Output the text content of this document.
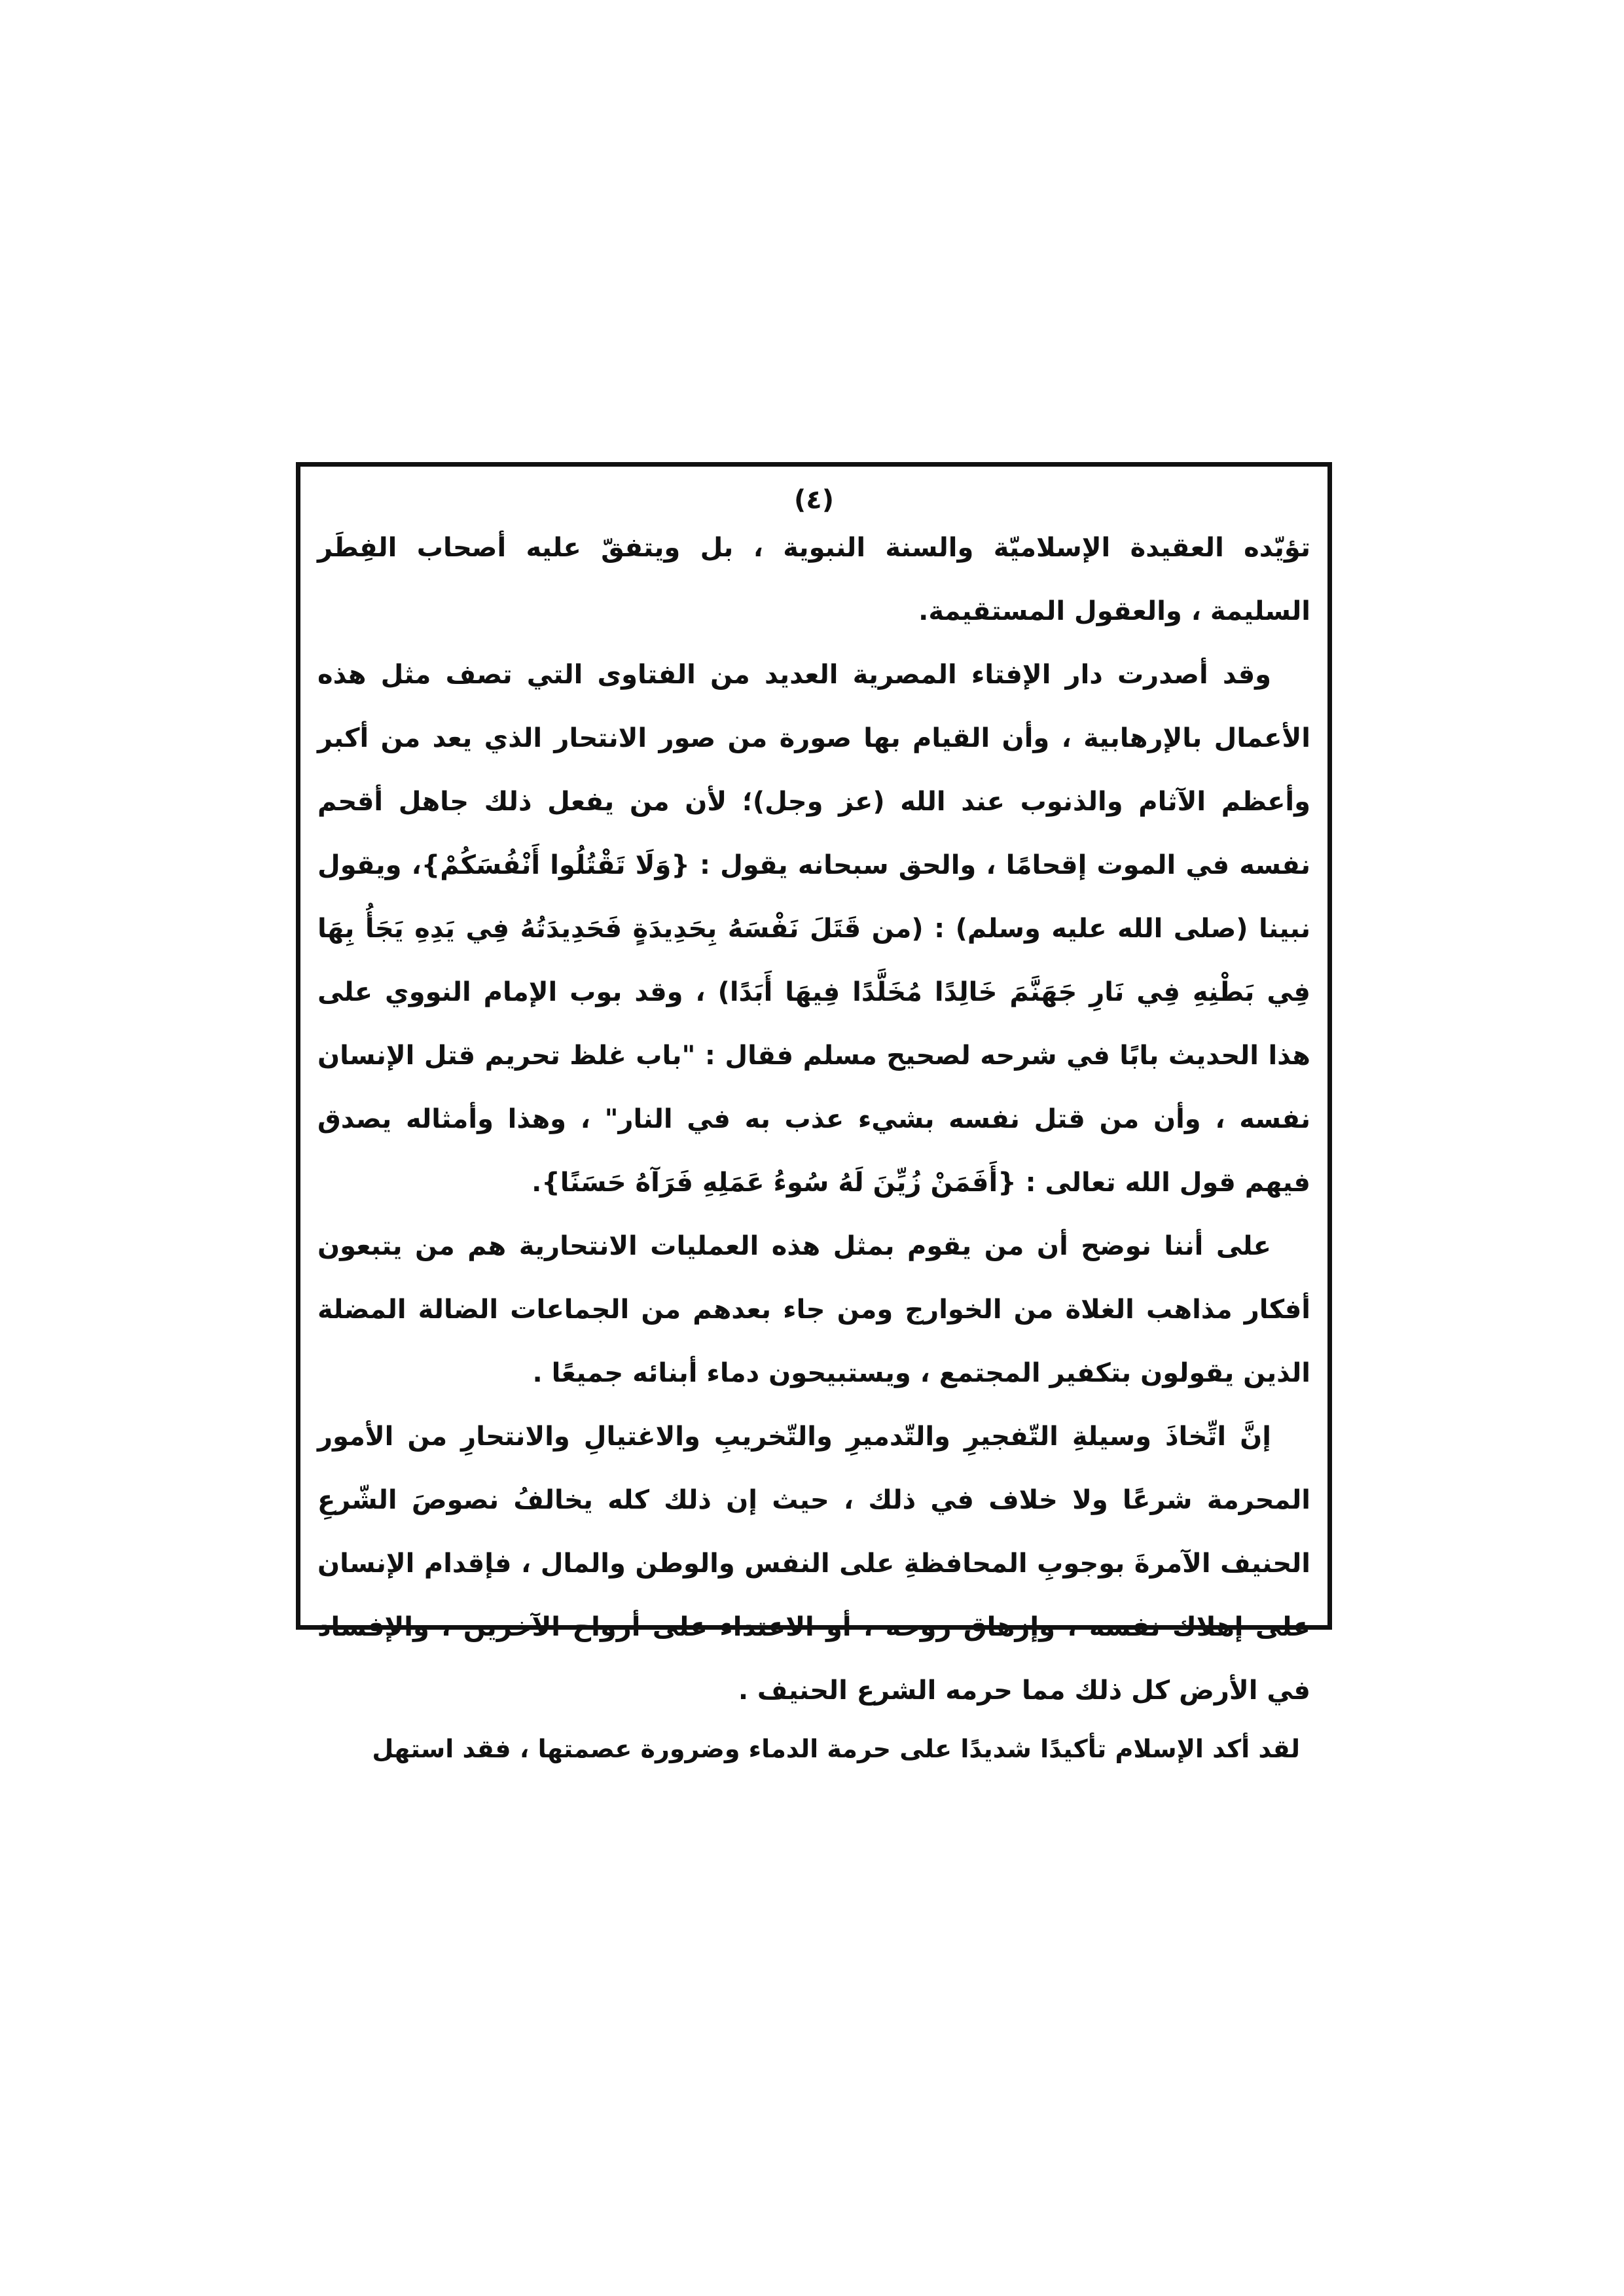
(٤)

تؤيّده العقيدة الإسلاميّة والسنة النبوية ، بل ويتفقّ عليه أصحاب الفِطَر السليمة ، والعقول المستقيمة.

وقد أصدرت دار الإفتاء المصرية العديد من الفتاوى التي تصف مثل هذه الأعمال بالإرهابية ، وأن القيام بها صورة من صور الانتحار الذي يعد من أكبر وأعظم الآثام والذنوب عند الله (عز وجل)؛ لأن من يفعل ذلك جاهل أقحم نفسه في الموت إقحامًا ، والحق سبحانه يقول : {وَلَا تَقْتُلُوا أَنْفُسَكُمْ}، ويقول نبينا (صلى الله عليه وسلم) : (من قَتَلَ نَفْسَهُ بِحَدِيدَةٍ فَحَدِيدَتُهُ فِي يَدِهِ يَجَأُ بِهَا فِي بَطْنِهِ فِي نَارِ جَهَنَّمَ خَالِدًا مُخَلَّدًا فِيهَا أَبَدًا) ، وقد بوب الإمام النووي على هذا الحديث بابًا في شرحه لصحيح مسلم فقال : "باب غلظ تحريم قتل الإنسان نفسه ، وأن من قتل نفسه بشيء عذب به في النار" ، وهذا وأمثاله يصدق فيهم قول الله تعالى : {أَفَمَنْ زُيِّنَ لَهُ سُوءُ عَمَلِهِ فَرَآهُ حَسَنًا}.

على أننا نوضح أن من يقوم بمثل هذه العمليات الانتحارية هم من يتبعون أفكار مذاهب الغلاة من الخوارج ومن جاء بعدهم من الجماعات الضالة المضلة الذين يقولون بتكفير المجتمع ، ويستبيحون دماء أبنائه جميعًا .

إنَّ اتِّخاذَ وسيلةِ التّفجيرِ والتّدميرِ والتّخريبِ والاغتيالِ والانتحارِ من الأمور المحرمة شرعًا ولا خلاف في ذلك ، حيث إن ذلك كله يخالفُ نصوصَ الشّرعِ الحنيف الآمرةَ بوجوبِ المحافظةِ على النفس والوطن والمال ، فإقدام الإنسان على إهلاك نفسه ، وإزهاق روحه ، أو الاعتداء على أرواح الآخرين ، والإفساد في الأرض كل ذلك مما حرمه الشرع الحنيف .

لقد أكد الإسلام تأكيدًا شديدًا على حرمة الدماء وضرورة عصمتها ، فقد استهل
